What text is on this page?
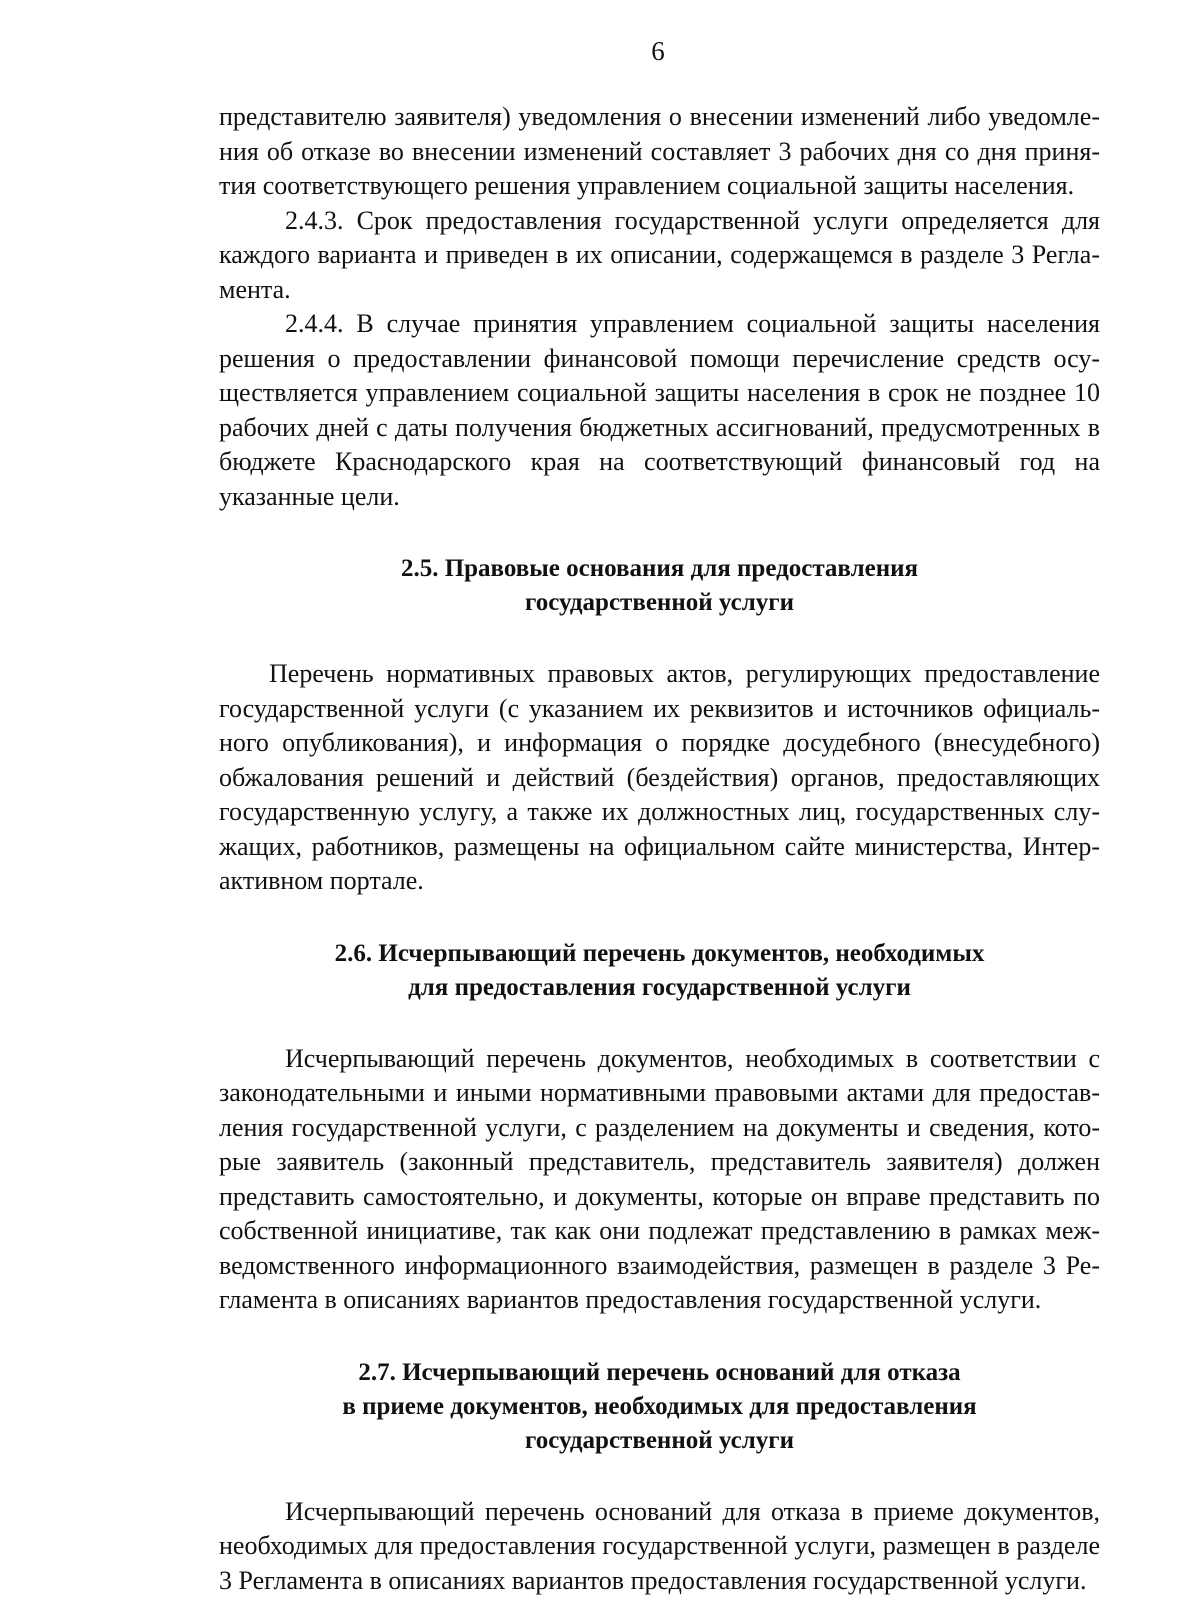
6

представителю заявителя) уведомления о внесении изменений либо уведомления об отказе во внесении изменений составляет 3 рабочих дня со дня принятия соответствующего решения управлением социальной защиты населения.

2.4.3. Срок предоставления государственной услуги определяется для каждого варианта и приведен в их описании, содержащемся в разделе 3 Регламента.

2.4.4. В случае принятия управлением социальной защиты населения решения о предоставлении финансовой помощи перечисление средств осуществляется управлением социальной защиты населения в срок не позднее 10 рабочих дней с даты получения бюджетных ассигнований, предусмотренных в бюджете Краснодарского края на соответствующий финансовый год на указанные цели.

2.5. Правовые основания для предоставления
государственной услуги

Перечень нормативных правовых актов, регулирующих предоставление государственной услуги (с указанием их реквизитов и источников официального опубликования), и информация о порядке досудебного (внесудебного) обжалования решений и действий (бездействия) органов, предоставляющих государственную услугу, а также их должностных лиц, государственных служащих, работников, размещены на официальном сайте министерства, Интерактивном портале.

2.6. Исчерпывающий перечень документов, необходимых
для предоставления государственной услуги

Исчерпывающий перечень документов, необходимых в соответствии с законодательными и иными нормативными правовыми актами для предоставления государственной услуги, с разделением на документы и сведения, которые заявитель (законный представитель, представитель заявителя) должен представить самостоятельно, и документы, которые он вправе представить по собственной инициативе, так как они подлежат представлению в рамках межведомственного информационного взаимодействия, размещен в разделе 3 Регламента в описаниях вариантов предоставления государственной услуги.

2.7. Исчерпывающий перечень оснований для отказа
в приеме документов, необходимых для предоставления
государственной услуги

Исчерпывающий перечень оснований для отказа в приеме документов, необходимых для предоставления государственной услуги, размещен в разделе 3 Регламента в описаниях вариантов предоставления государственной услуги.
